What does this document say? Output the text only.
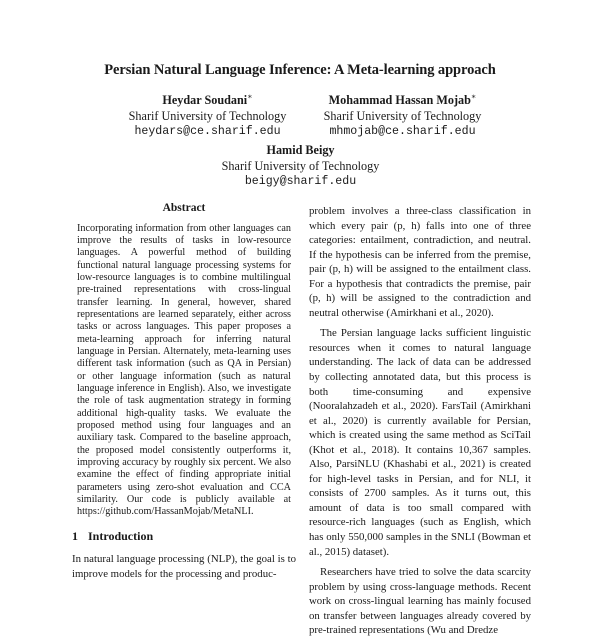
Persian Natural Language Inference: A Meta-learning approach
Heydar Soudani∗
Sharif University of Technology
heydars@ce.sharif.edu
Mohammad Hassan Mojab∗
Sharif University of Technology
mhmojab@ce.sharif.edu
Hamid Beigy
Sharif University of Technology
beigy@sharif.edu
Abstract

Incorporating information from other languages can improve the results of tasks in low-resource languages. A powerful method of building functional natural language processing systems for low-resource languages is to combine multilingual pre-trained representations with cross-lingual transfer learning. In general, however, shared representations are learned separately, either across tasks or across languages. This paper proposes a meta-learning approach for inferring natural language in Persian. Alternately, meta-learning uses different task information (such as QA in Persian) or other language information (such as natural language inference in English). Also, we investigate the role of task augmentation strategy in forming additional high-quality tasks. We evaluate the proposed method using four languages and an auxiliary task. Compared to the baseline approach, the proposed model consistently outperforms it, improving accuracy by roughly six percent. We also examine the effect of finding appropriate initial parameters using zero-shot evaluation and CCA similarity. Our code is publicly available at https://github.com/HassanMojab/MetaNLI.

1 Introduction

In natural language processing (NLP), the goal is to improve models for the processing and produc-

problem involves a three-class classification in which every pair (p, h) falls into one of three categories: entailment, contradiction, and neutral. If the hypothesis can be inferred from the premise, pair (p, h) will be assigned to the entailment class. For a hypothesis that contradicts the premise, pair (p, h) will be assigned to the contradiction and neutral otherwise (Amirkhani et al., 2020).

The Persian language lacks sufficient linguistic resources when it comes to natural language understanding. The lack of data can be addressed by collecting annotated data, but this process is both time-consuming and expensive (Nooralahzadeh et al., 2020). FarsTail (Amirkhani et al., 2020) is currently available for Persian, which is created using the same method as SciTail (Khot et al., 2018). It contains 10,367 samples. Also, ParsiNLU (Khashabi et al., 2021) is created for high-level tasks in Persian, and for NLI, it consists of 2700 samples. As it turns out, this amount of data is too small compared with resource-rich languages (such as English, which has only 550,000 samples in the SNLI (Bowman et al., 2015) dataset).

Researchers have tried to solve the data scarcity problem by using cross-language methods. Recent work on cross-lingual learning has mainly focused on transfer between languages already covered by pre-trained representations (Wu and Dredze
